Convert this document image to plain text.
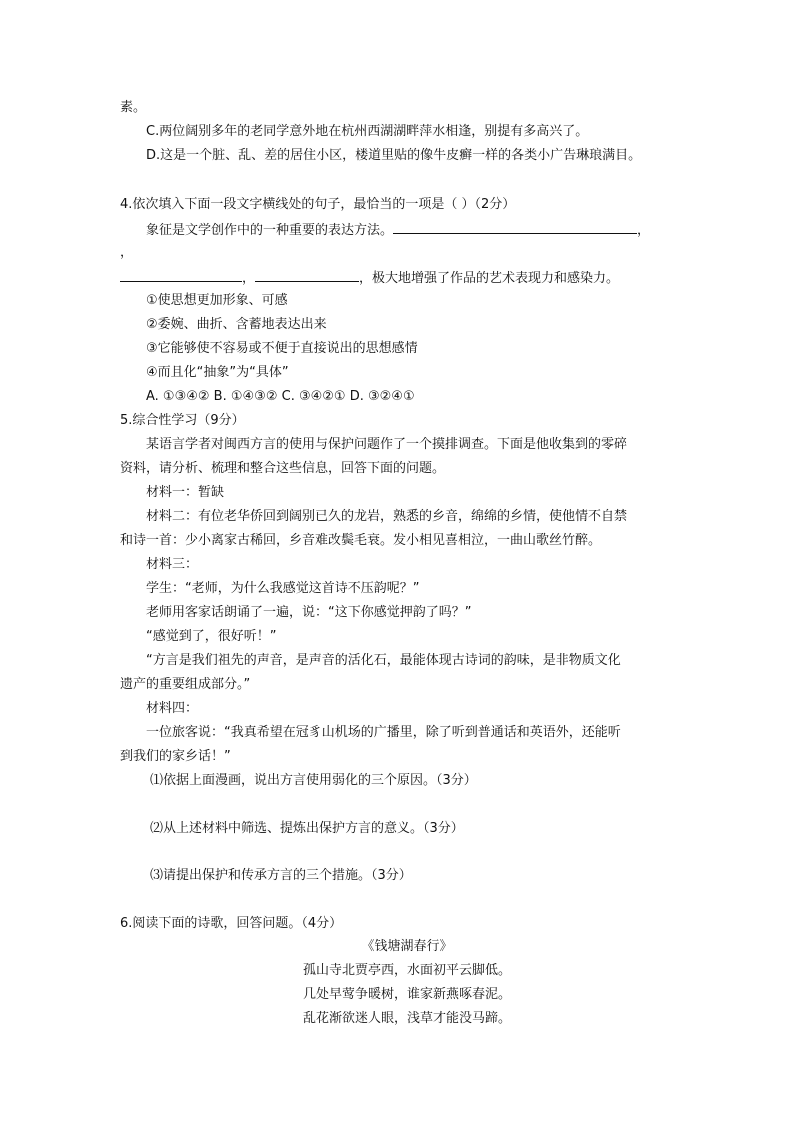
素。
C.两位阔别多年的老同学意外地在杭州西湖湖畔萍水相逢，别提有多高兴了。
D.这是一个脏、乱、差的居住小区，楼道里贴的像牛皮癣一样的各类小广告琳琅满目。
4.依次填入下面一段文字横线处的句子，最恰当的一项是（ ）（2分）
象征是文学创作中的一种重要的表达方法。	，
，
，	，极大地增强了作品的艺术表现力和感染力。
①使思想更加形象、可感
②委婉、曲折、含蓄地表达出来
③它能够使不容易或不便于直接说出的思想感情
④而且化“抽象”为“具体”
A. ①③④② B. ①④③② C. ③④②① D. ③②④①
5.综合性学习（9分）
某语言学者对闽西方言的使用与保护问题作了一个摸排调查。下面是他收集到的零碎
资料，请分析、梳理和整合这些信息，回答下面的问题。
材料一：暂缺
材料二：有位老华侨回到阔别已久的龙岩，熟悉的乡音，绵绵的乡情，使他情不自禁
和诗一首：少小离家古稀回，乡音难改鬓毛衰。发小相见喜相泣，一曲山歌丝竹醉。
材料三：
学生：“老师，为什么我感觉这首诗不压韵呢？”
老师用客家话朗诵了一遍，说：“这下你感觉押韵了吗？”
“感觉到了，很好听！”
“方言是我们祖先的声音，是声音的活化石，最能体现古诗词的韵味，是非物质文化
遗产的重要组成部分。”
材料四：
一位旅客说：“我真希望在冠豸山机场的广播里，除了听到普通话和英语外，还能听
到我们的家乡话！”
⑴依据上面漫画，说出方言使用弱化的三个原因。（3分）
⑵从上述材料中筛选、提炼出保护方言的意义。（3分）
⑶请提出保护和传承方言的三个措施。（3分）
6.阅读下面的诗歌，回答问题。（4分）
《钱塘湖春行》
孤山寺北贾亭西，水面初平云脚低。
几处早莺争暖树，谁家新燕啄春泥。
乱花渐欲迷人眼，浅草才能没马蹄。
